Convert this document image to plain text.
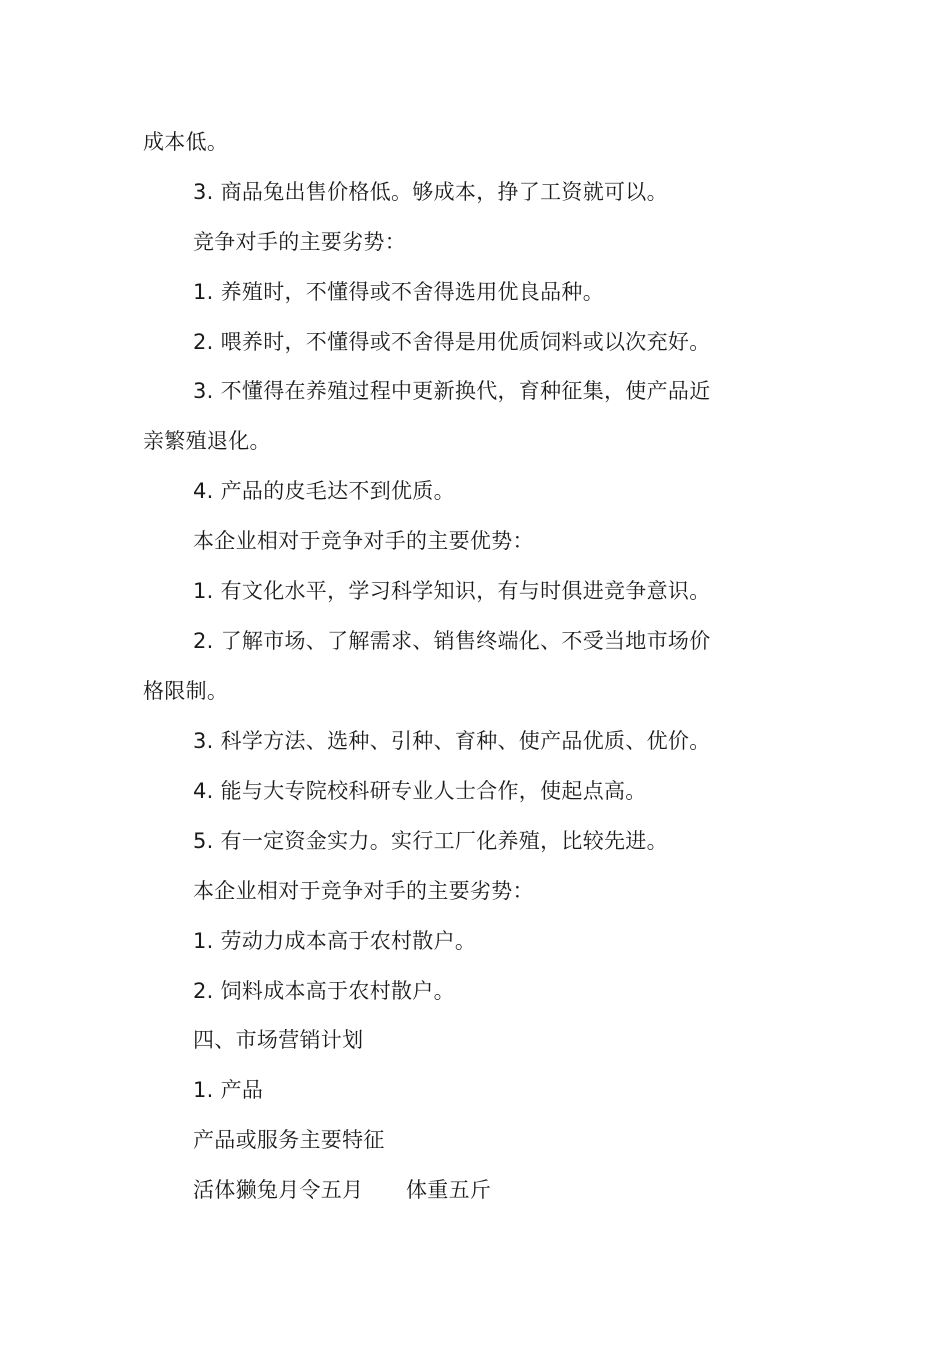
成本低。
3. 商品兔出售价格低。够成本，挣了工资就可以。
竞争对手的主要劣势：
1. 养殖时，不懂得或不舍得选用优良品种。
2. 喂养时，不懂得或不舍得是用优质饲料或以次充好。
3. 不懂得在养殖过程中更新换代，育种征集，使产品近
亲繁殖退化。
4. 产品的皮毛达不到优质。
本企业相对于竞争对手的主要优势：
1. 有文化水平，学习科学知识，有与时俱进竞争意识。
2. 了解市场、了解需求、销售终端化、不受当地市场价
格限制。
3. 科学方法、选种、引种、育种、使产品优质、优价。
4. 能与大专院校科研专业人士合作，使起点高。
5. 有一定资金实力。实行工厂化养殖，比较先进。
本企业相对于竞争对手的主要劣势：
1. 劳动力成本高于农村散户。
2. 饲料成本高于农村散户。
四、市场营销计划
1. 产品
产品或服务主要特征
活体獭兔月令五月　　体重五斤
